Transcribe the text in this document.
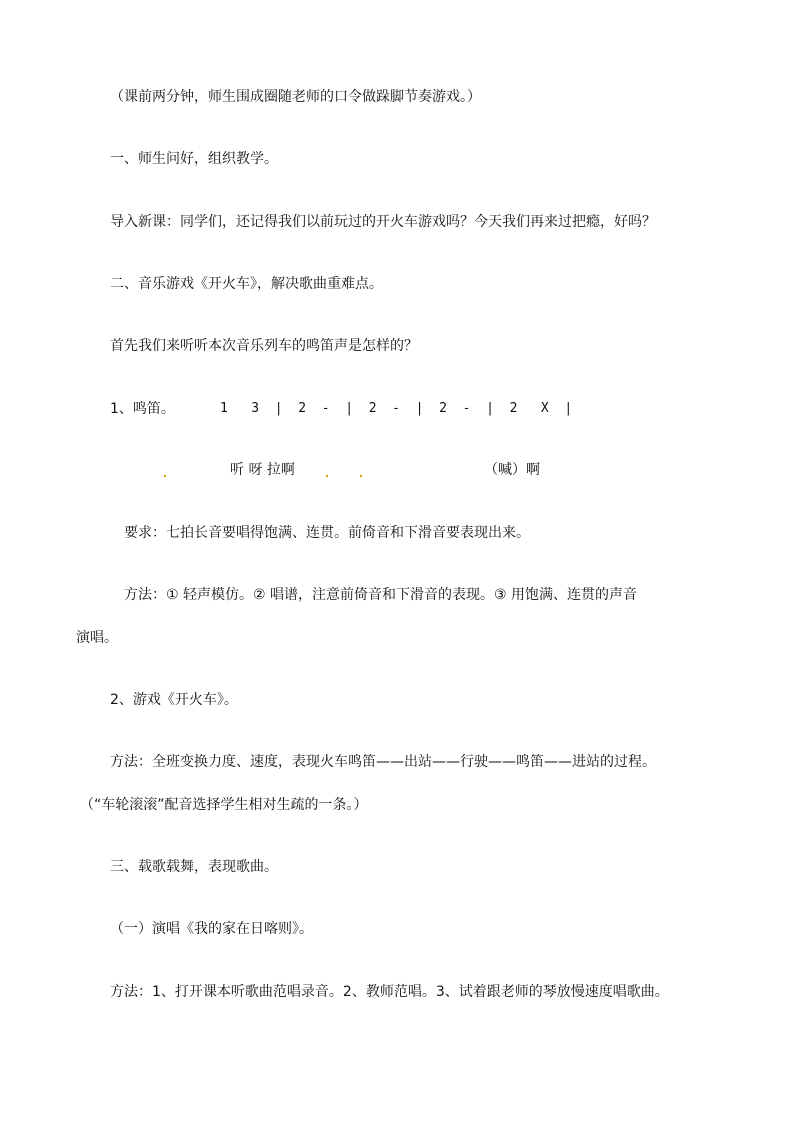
（课前两分钟，师生围成圈随老师的口令做跺脚节奏游戏。）
一、师生问好，组织教学。
导入新课：同学们，还记得我们以前玩过的开火车游戏吗？今天我们再来过把瘾，好吗？
二、音乐游戏《开火车》，解决歌曲重难点。
首先我们来听听本次音乐列车的鸣笛声是怎样的？
1、鸣笛。	1   3  |  2  -  |  2  -  |  2  -  |  2   X  |
听 呀 拉啊	（喊）啊
要求：七拍长音要唱得饱满、连贯。前倚音和下滑音要表现出来。
方法：① 轻声模仿。② 唱谱，注意前倚音和下滑音的表现。③ 用饱满、连贯的声音
演唱。
2、游戏《开火车》。
方法：全班变换力度、速度，表现火车鸣笛——出站——行驶——鸣笛——进站的过程。
（“车轮滚滚”配音选择学生相对生疏的一条。）
三、载歌载舞，表现歌曲。
（一）演唱《我的家在日喀则》。
方法：1、打开课本听歌曲范唱录音。2、教师范唱。3、试着跟老师的琴放慢速度唱歌曲。
